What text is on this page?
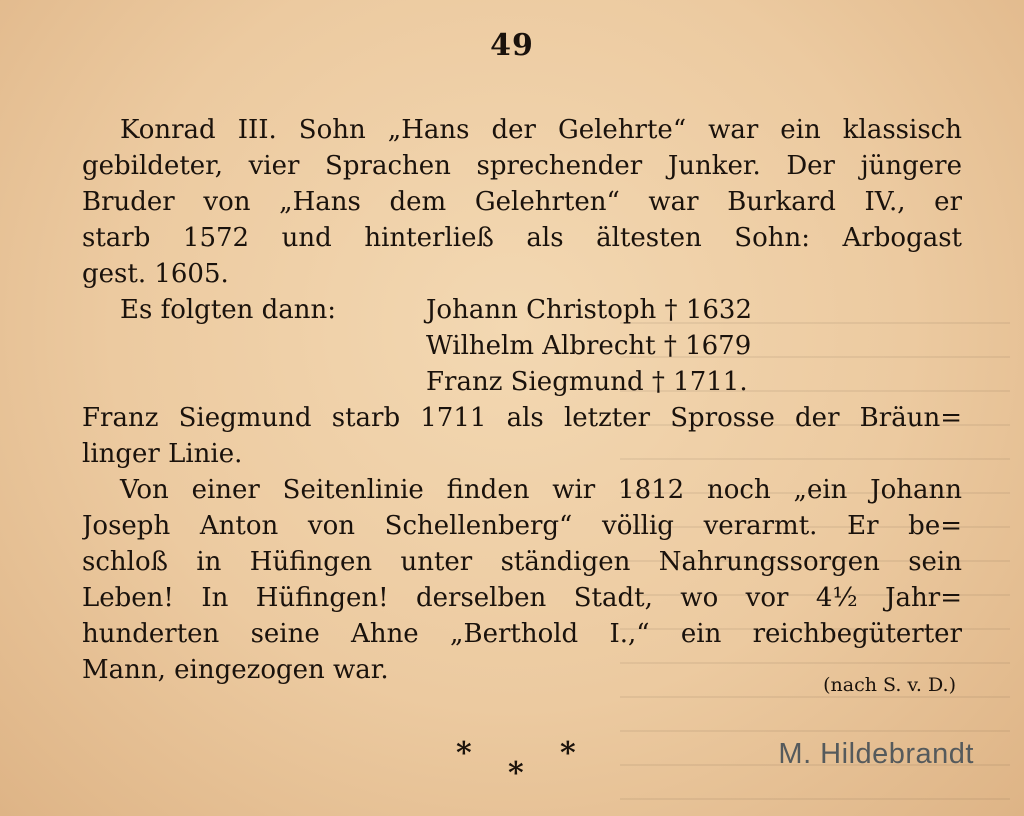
49
Konrad III. Sohn „Hans der Gelehrte“ war ein klassisch
gebildeter, vier Sprachen sprechender Junker. Der jüngere
Bruder von „Hans dem Gelehrten“ war Burkard IV., er
starb 1572 und hinterließ als ältesten Sohn: Arbogast
gest. 1605.
Es folgten dann:	Johann Christoph † 1632
Wilhelm Albrecht † 1679
Franz Siegmund † 1711.
Franz Siegmund starb 1711 als letzter Sprosse der Bräun=
linger Linie.
Von einer Seitenlinie finden wir 1812 noch „ein Johann
Joseph Anton von Schellenberg“ völlig verarmt. Er be=
schloß in Hüfingen unter ständigen Nahrungssorgen sein
Leben! In Hüfingen! derselben Stadt, wo vor 4½ Jahr=
hunderten seine Ahne „Berthold I.,“ ein reichbegüterter
Mann, eingezogen war.	(nach S. v. D.)
*	*
*
M. Hildebrandt
